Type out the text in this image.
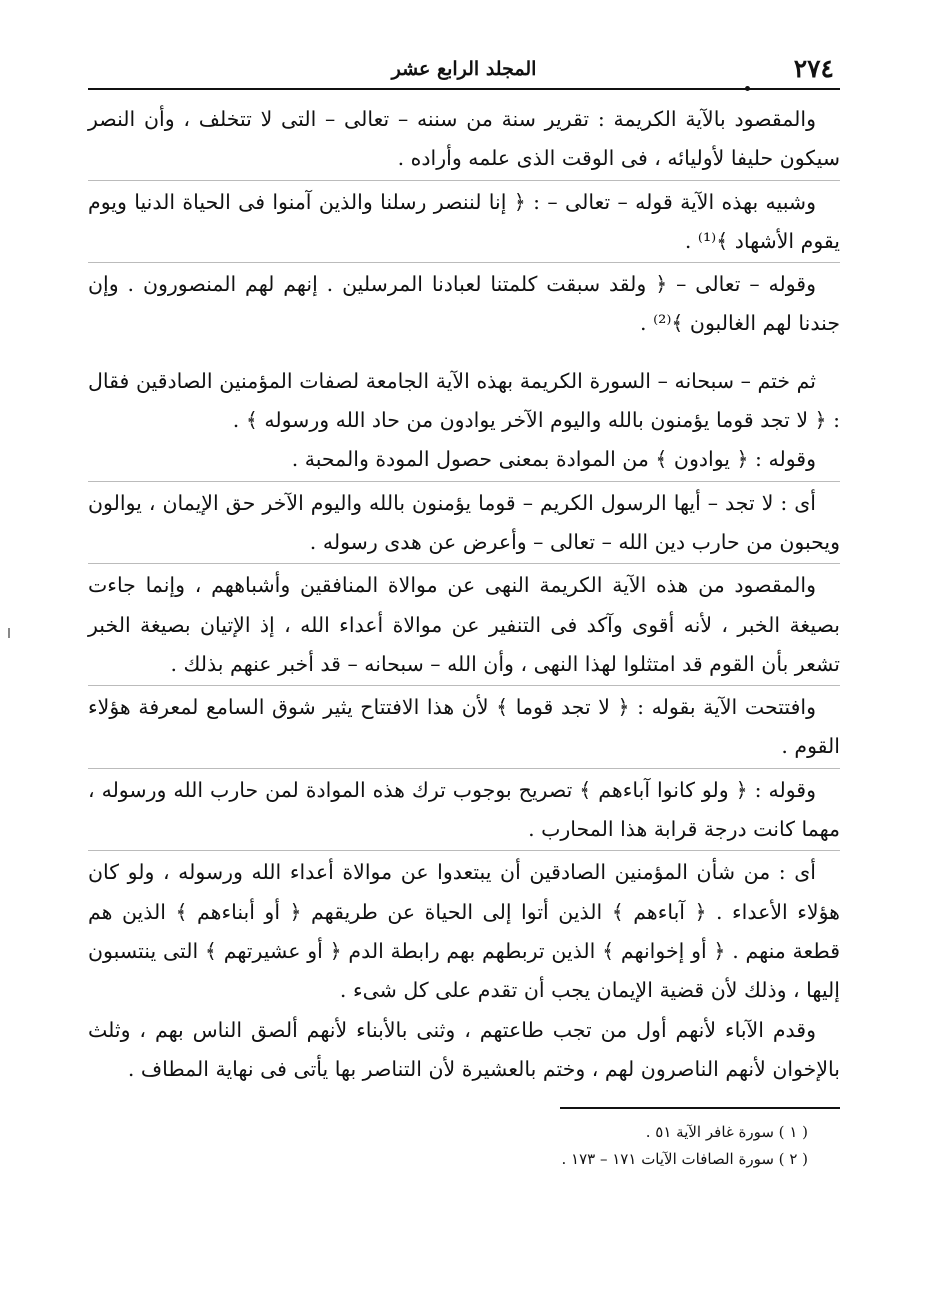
٢٧٤
المجلد الرابع عشر

والمقصود بالآية الكريمة : تقرير سنة من سننه – تعالى – التى لا تتخلف ، وأن النصر سيكون حليفا لأوليائه ، فى الوقت الذى علمه وأراده .

وشبيه بهذه الآية قوله – تعالى – : ﴿ إنا لننصر رسلنا والذين آمنوا فى الحياة الدنيا ويوم يقوم الأشهاد ﴾⁽¹⁾ .

وقوله – تعالى – ﴿ ولقد سبقت كلمتنا لعبادنا المرسلين . إنهم لهم المنصورون . وإن جندنا لهم الغالبون ﴾⁽²⁾ .

ثم ختم – سبحانه – السورة الكريمة بهذه الآية الجامعة لصفات المؤمنين الصادقين فقال : ﴿ لا تجد قوما يؤمنون بالله واليوم الآخر يوادون من حاد الله ورسوله ﴾ .

وقوله : ﴿ يوادون ﴾ من الموادة بمعنى حصول المودة والمحبة .

أى : لا تجد – أيها الرسول الكريم – قوما يؤمنون بالله واليوم الآخر حق الإيمان ، يوالون ويحبون من حارب دين الله – تعالى – وأعرض عن هدى رسوله .

والمقصود من هذه الآية الكريمة النهى عن موالاة المنافقين وأشباههم ، وإنما جاءت بصيغة الخبر ، لأنه أقوى وآكد فى التنفير عن موالاة أعداء الله ، إذ الإتيان بصيغة الخبر تشعر بأن القوم قد امتثلوا لهذا النهى ، وأن الله – سبحانه – قد أخبر عنهم بذلك .

وافتتحت الآية بقوله : ﴿ لا تجد قوما ﴾ لأن هذا الافتتاح يثير شوق السامع لمعرفة هؤلاء القوم .

وقوله : ﴿ ولو كانوا آباءهم ﴾ تصريح بوجوب ترك هذه الموادة لمن حارب الله ورسوله ، مهما كانت درجة قرابة هذا المحارب .

أى : من شأن المؤمنين الصادقين أن يبتعدوا عن موالاة أعداء الله ورسوله ، ولو كان هؤلاء الأعداء . ﴿ آباءهم ﴾ الذين أتوا إلى الحياة عن طريقهم ﴿ أو أبناءهم ﴾ الذين هم قطعة منهم . ﴿ أو إخوانهم ﴾ الذين تربطهم بهم رابطة الدم ﴿ أو عشيرتهم ﴾ التى ينتسبون إليها ، وذلك لأن قضية الإيمان يجب أن تقدم على كل شىء .

وقدم الآباء لأنهم أول من تجب طاعتهم ، وثنى بالأبناء لأنهم ألصق الناس بهم ، وثلث بالإخوان لأنهم الناصرون لهم ، وختم بالعشيرة لأن التناصر بها يأتى فى نهاية المطاف .

( ١ ) سورة غافر الآية ٥١ .
( ٢ ) سورة الصافات الآيات ١٧١ – ١٧٣ .
